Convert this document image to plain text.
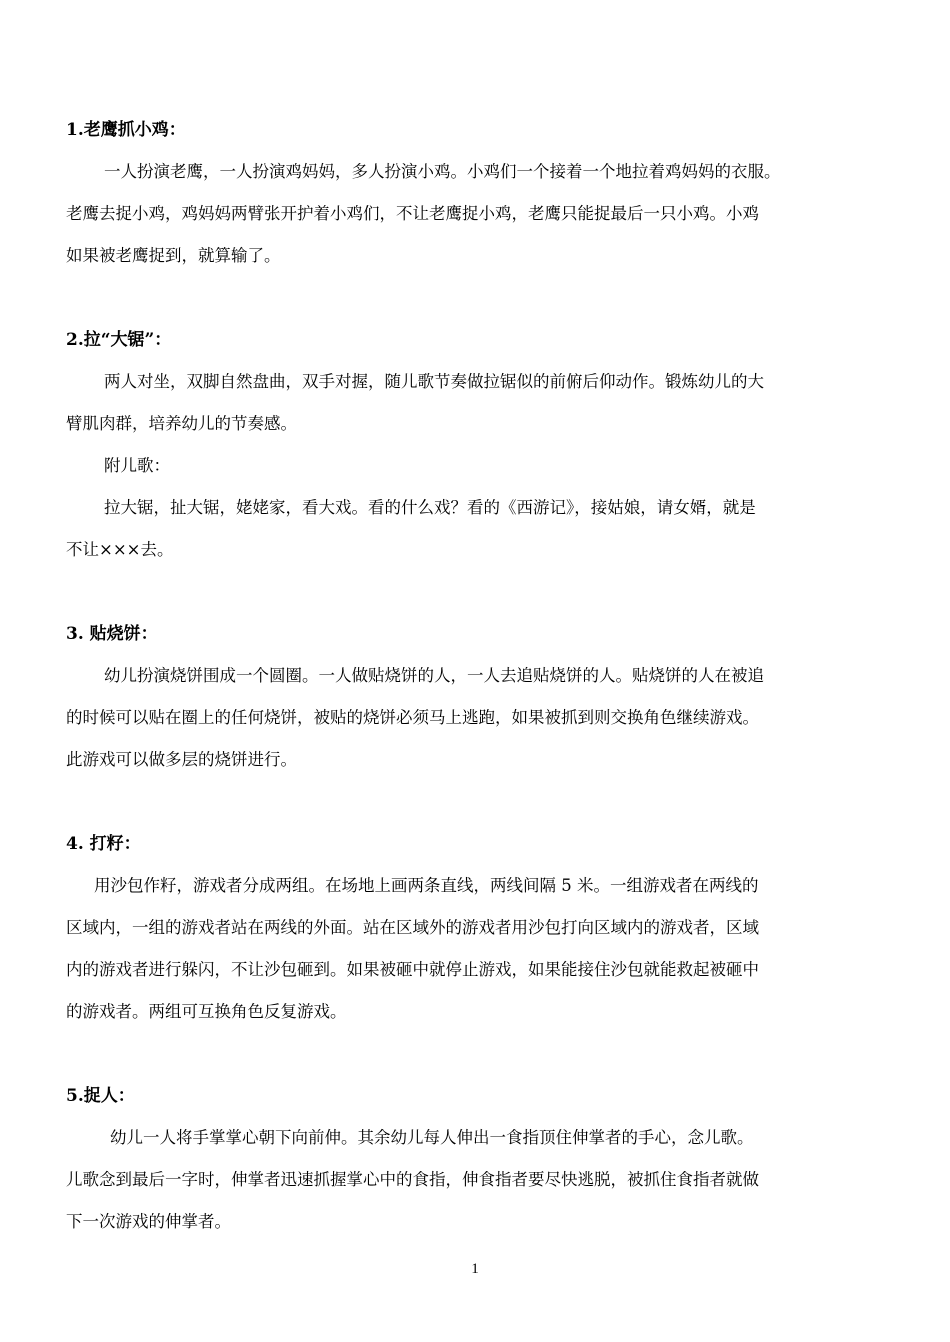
1.老鹰抓小鸡：
一人扮演老鹰，一人扮演鸡妈妈，多人扮演小鸡。小鸡们一个接着一个地拉着鸡妈妈的衣服。
老鹰去捉小鸡，鸡妈妈两臂张开护着小鸡们，不让老鹰捉小鸡，老鹰只能捉最后一只小鸡。小鸡
如果被老鹰捉到，就算输了。
2.拉“大锯”：
两人对坐，双脚自然盘曲，双手对握，随儿歌节奏做拉锯似的前俯后仰动作。锻炼幼儿的大
臂肌肉群，培养幼儿的节奏感。
附儿歌：
拉大锯，扯大锯，姥姥家，看大戏。看的什么戏？看的《西游记》，接姑娘，请女婿，就是
不让×××去。
3. 贴烧饼：
幼儿扮演烧饼围成一个圆圈。一人做贴烧饼的人，一人去追贴烧饼的人。贴烧饼的人在被追
的时候可以贴在圈上的任何烧饼，被贴的烧饼必须马上逃跑，如果被抓到则交换角色继续游戏。
此游戏可以做多层的烧饼进行。
4. 打籽：
用沙包作籽，游戏者分成两组。在场地上画两条直线，两线间隔 5 米。一组游戏者在两线的
区域内，一组的游戏者站在两线的外面。站在区域外的游戏者用沙包打向区域内的游戏者，区域
内的游戏者进行躲闪，不让沙包砸到。如果被砸中就停止游戏，如果能接住沙包就能救起被砸中
的游戏者。两组可互换角色反复游戏。
5.捉人：
幼儿一人将手掌掌心朝下向前伸。其余幼儿每人伸出一食指顶住伸掌者的手心，念儿歌。
儿歌念到最后一字时，伸掌者迅速抓握掌心中的食指，伸食指者要尽快逃脱，被抓住食指者就做
下一次游戏的伸掌者。
1
